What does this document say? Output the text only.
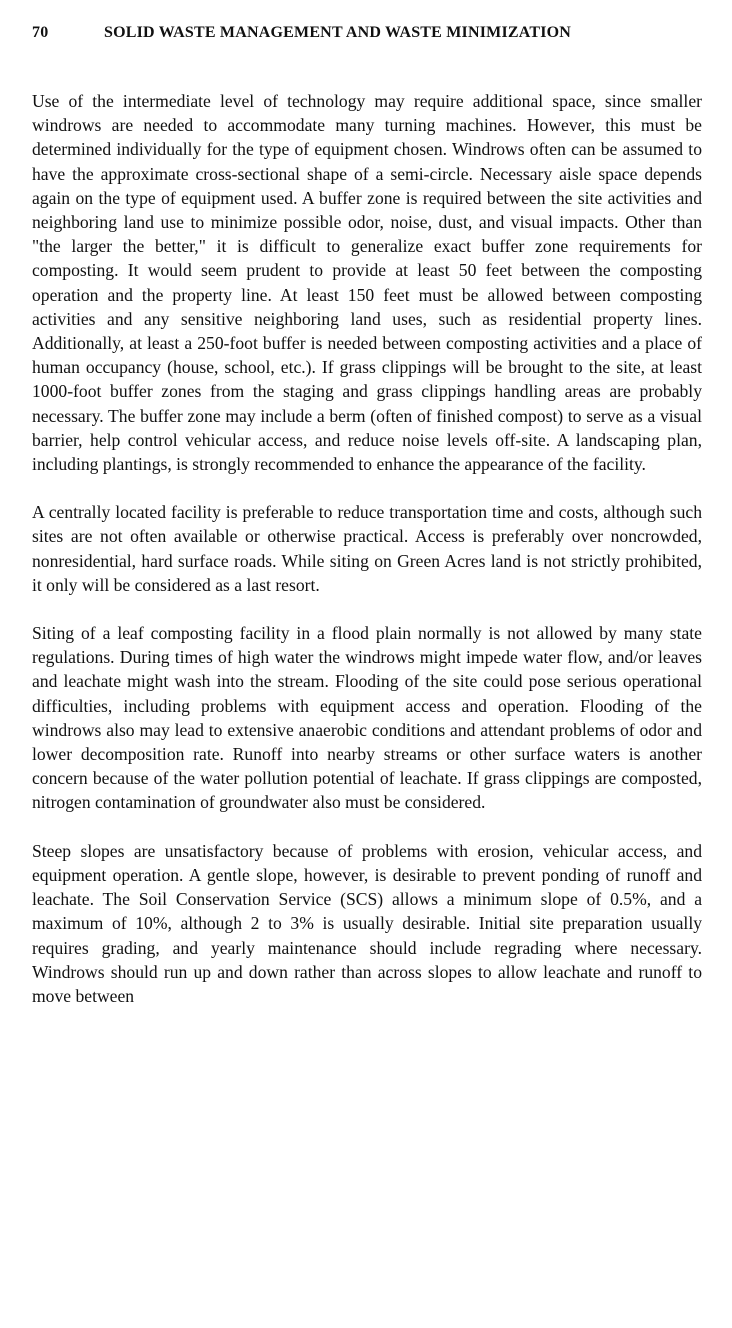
70	SOLID WASTE MANAGEMENT AND WASTE MINIMIZATION

Use of the intermediate level of technology may require additional space, since smaller windrows are needed to accommodate many turning machines. However, this must be determined individually for the type of equipment chosen. Windrows often can be assumed to have the approximate cross-sectional shape of a semi-circle. Necessary aisle space depends again on the type of equipment used. A buffer zone is required between the site activities and neighboring land use to minimize possible odor, noise, dust, and visual impacts. Other than "the larger the better," it is difficult to generalize exact buffer zone requirements for composting. It would seem prudent to provide at least 50 feet between the composting operation and the property line. At least 150 feet must be allowed between composting activities and any sensitive neighboring land uses, such as residential property lines. Additionally, at least a 250-foot buffer is needed between composting activities and a place of human occupancy (house, school, etc.). If grass clippings will be brought to the site, at least 1000-foot buffer zones from the staging and grass clippings handling areas are probably necessary. The buffer zone may include a berm (often of finished compost) to serve as a visual barrier, help control vehicular access, and reduce noise levels off-site. A landscaping plan, including plantings, is strongly recommended to enhance the appearance of the facility.

A centrally located facility is preferable to reduce transportation time and costs, although such sites are not often available or otherwise practical. Access is preferably over noncrowded, nonresidential, hard surface roads. While siting on Green Acres land is not strictly prohibited, it only will be considered as a last resort.

Siting of a leaf composting facility in a flood plain normally is not allowed by many state regulations. During times of high water the windrows might impede water flow, and/or leaves and leachate might wash into the stream. Flooding of the site could pose serious operational difficulties, including problems with equipment access and operation. Flooding of the windrows also may lead to extensive anaerobic conditions and attendant problems of odor and lower decomposition rate. Runoff into nearby streams or other surface waters is another concern because of the water pollution potential of leachate. If grass clippings are composted, nitrogen contamination of groundwater also must be considered.

Steep slopes are unsatisfactory because of problems with erosion, vehicular access, and equipment operation. A gentle slope, however, is desirable to prevent ponding of runoff and leachate. The Soil Conservation Service (SCS) allows a minimum slope of 0.5%, and a maximum of 10%, although 2 to 3% is usually desirable. Initial site preparation usually requires grading, and yearly maintenance should include regrading where necessary. Windrows should run up and down rather than across slopes to allow leachate and runoff to move between
